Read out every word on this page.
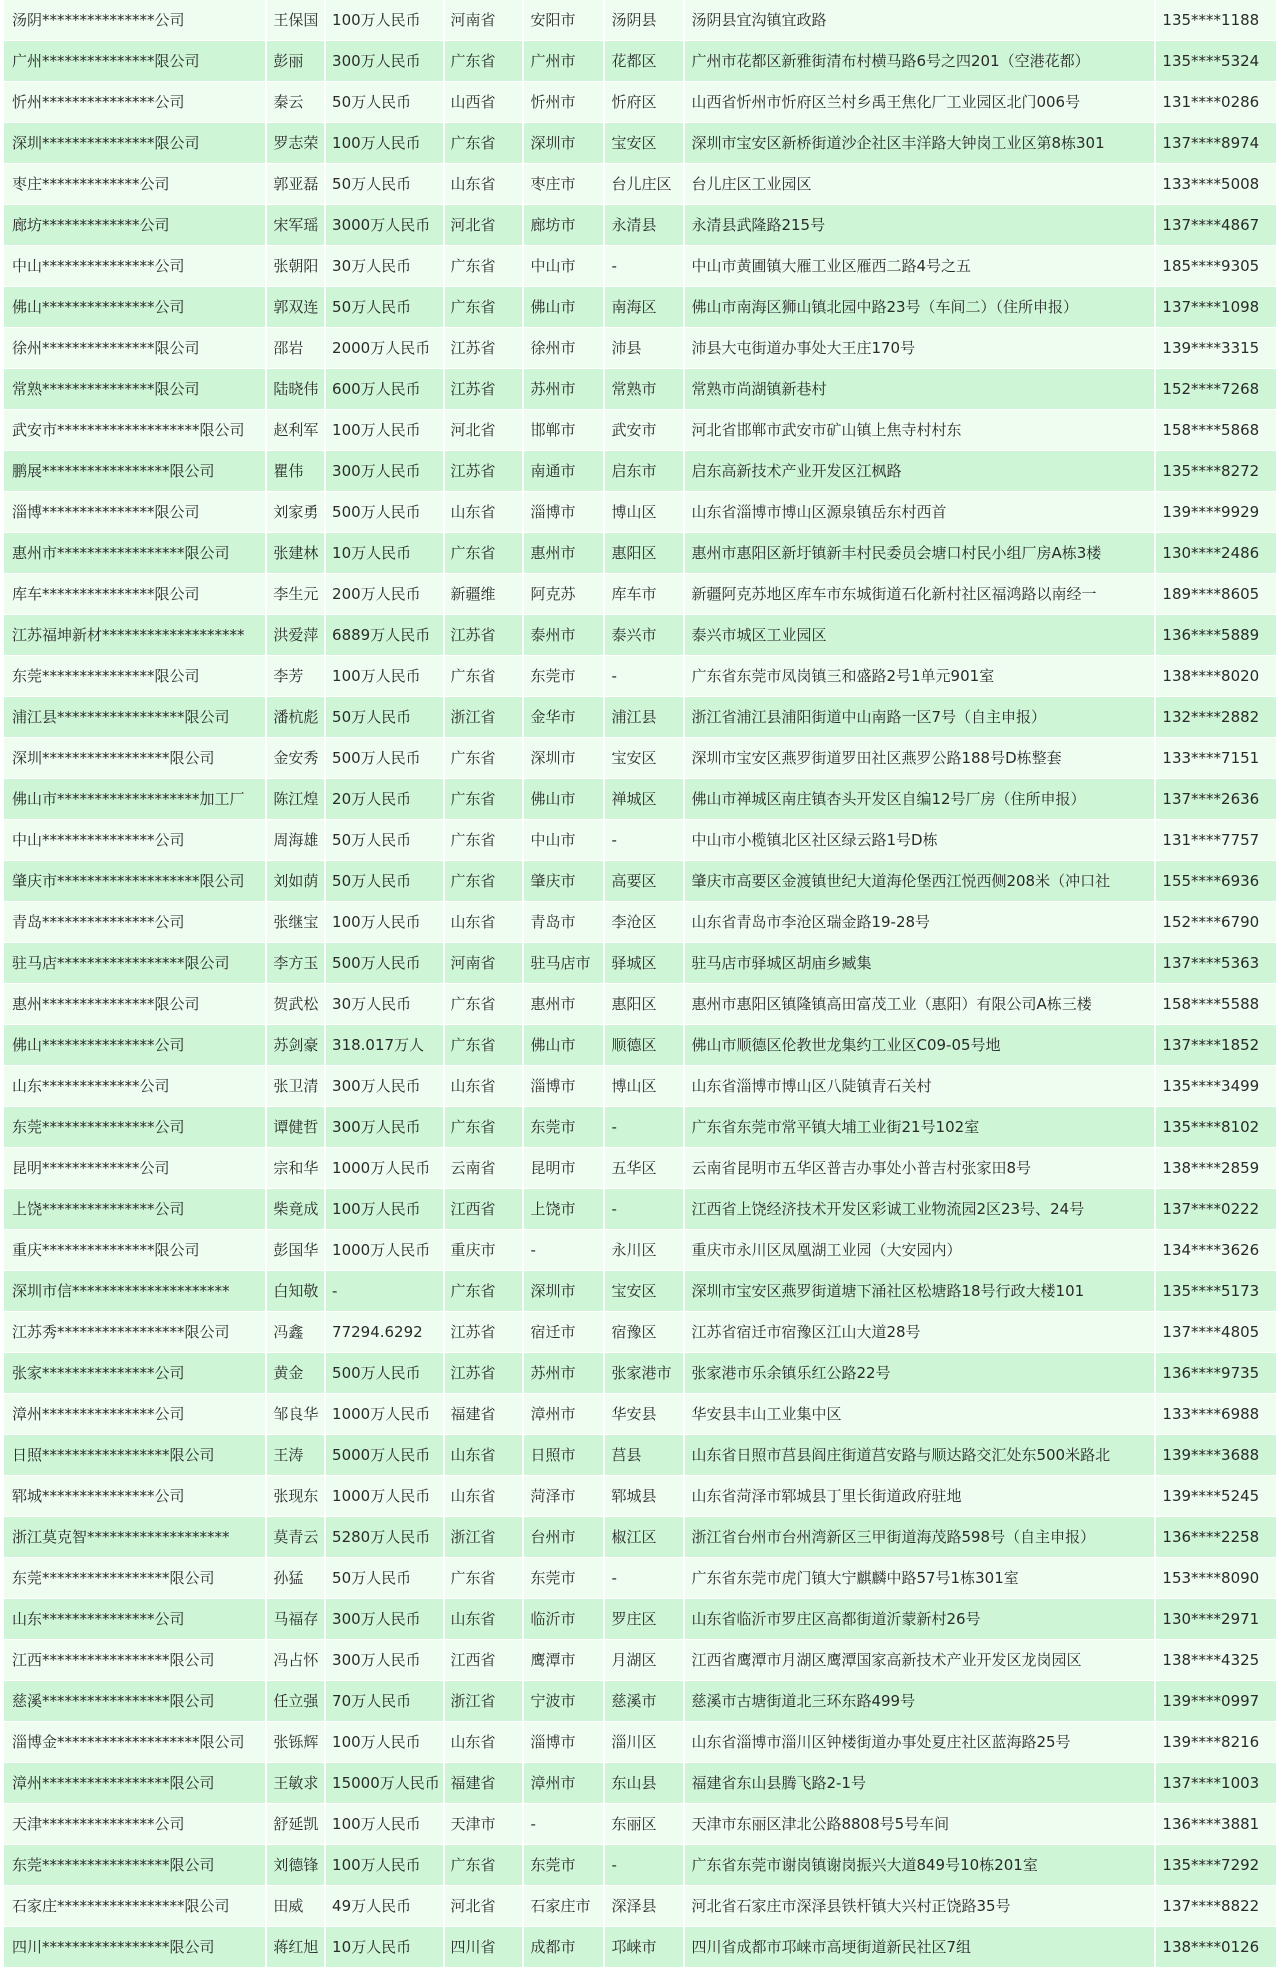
汤阴***************公司	王保国	100万人民币	河南省	安阳市	汤阴县	汤阴县宜沟镇宜政路	135****1188
广州***************限公司	彭丽	300万人民币	广东省	广州市	花都区	广州市花都区新雅街清布村横马路6号之四201（空港花都）	135****5324
忻州***************公司	秦云	50万人民币	山西省	忻州市	忻府区	山西省忻州市忻府区兰村乡禹王焦化厂工业园区北门006号	131****0286
深圳***************限公司	罗志荣	100万人民币	广东省	深圳市	宝安区	深圳市宝安区新桥街道沙企社区丰洋路大钟岗工业区第8栋301	137****8974
枣庄*************公司	郭亚磊	50万人民币	山东省	枣庄市	台儿庄区	台儿庄区工业园区	133****5008
廊坊*************公司	宋军瑶	3000万人民币	河北省	廊坊市	永清县	永清县武隆路215号	137****4867
中山***************公司	张朝阳	30万人民币	广东省	中山市	-	中山市黄圃镇大雁工业区雁西二路4号之五	185****9305
佛山***************公司	郭双连	50万人民币	广东省	佛山市	南海区	佛山市南海区狮山镇北园中路23号（车间二）（住所申报）	137****1098
徐州***************限公司	邵岩	2000万人民币	江苏省	徐州市	沛县	沛县大屯街道办事处大王庄170号	139****3315
常熟***************限公司	陆晓伟	600万人民币	江苏省	苏州市	常熟市	常熟市尚湖镇新巷村	152****7268
武安市*******************限公司	赵利军	100万人民币	河北省	邯郸市	武安市	河北省邯郸市武安市矿山镇上焦寺村村东	158****5868
鹏展*****************限公司	瞿伟	300万人民币	江苏省	南通市	启东市	启东高新技术产业开发区江枫路	135****8272
淄博***************限公司	刘家勇	500万人民币	山东省	淄博市	博山区	山东省淄博市博山区源泉镇岳东村西首	139****9929
惠州市*****************限公司	张建林	10万人民币	广东省	惠州市	惠阳区	惠州市惠阳区新圩镇新丰村民委员会塘口村民小组厂房A栋3楼	130****2486
库车***************限公司	李生元	200万人民币	新疆维	阿克苏	库车市	新疆阿克苏地区库车市东城街道石化新村社区福鸿路以南经一	189****8605
江苏福坤新材*******************	洪爱萍	6889万人民币	江苏省	泰州市	泰兴市	泰兴市城区工业园区	136****5889
东莞***************限公司	李芳	100万人民币	广东省	东莞市	-	广东省东莞市凤岗镇三和盛路2号1单元901室	138****8020
浦江县*****************限公司	潘杭彪	50万人民币	浙江省	金华市	浦江县	浙江省浦江县浦阳街道中山南路一区7号（自主申报）	132****2882
深圳*****************限公司	金安秀	500万人民币	广东省	深圳市	宝安区	深圳市宝安区燕罗街道罗田社区燕罗公路188号D栋整套	133****7151
佛山市*******************加工厂	陈江煌	20万人民币	广东省	佛山市	禅城区	佛山市禅城区南庄镇杏头开发区自编12号厂房（住所申报）	137****2636
中山***************公司	周海雄	50万人民币	广东省	中山市	-	中山市小榄镇北区社区绿云路1号D栋	131****7757
肇庆市*******************限公司	刘如荫	50万人民币	广东省	肇庆市	高要区	肇庆市高要区金渡镇世纪大道海伦堡西江悦西侧208米（冲口社	155****6936
青岛***************公司	张继宝	100万人民币	山东省	青岛市	李沧区	山东省青岛市李沧区瑞金路19-28号	152****6790
驻马店*****************限公司	李方玉	500万人民币	河南省	驻马店市	驿城区	驻马店市驿城区胡庙乡臧集	137****5363
惠州***************限公司	贺武松	30万人民币	广东省	惠州市	惠阳区	惠州市惠阳区镇隆镇高田富茂工业（惠阳）有限公司A栋三楼	158****5588
佛山***************公司	苏剑豪	318.017万人	广东省	佛山市	顺德区	佛山市顺德区伦教世龙集约工业区C09-05号地	137****1852
山东*************公司	张卫清	300万人民币	山东省	淄博市	博山区	山东省淄博市博山区八陡镇青石关村	135****3499
东莞***************公司	谭健哲	300万人民币	广东省	东莞市	-	广东省东莞市常平镇大埔工业街21号102室	135****8102
昆明*************公司	宗和华	1000万人民币	云南省	昆明市	五华区	云南省昆明市五华区普吉办事处小普吉村张家田8号	138****2859
上饶***************公司	柴竟成	100万人民币	江西省	上饶市	-	江西省上饶经济技术开发区彩诚工业物流园2区23号、24号	137****0222
重庆***************限公司	彭国华	1000万人民币	重庆市	-	永川区	重庆市永川区凤凰湖工业园（大安园内）	134****3626
深圳市信*********************	白知敬	-	广东省	深圳市	宝安区	深圳市宝安区燕罗街道塘下涌社区松塘路18号行政大楼101	135****5173
江苏秀*****************限公司	冯鑫	77294.6292	江苏省	宿迁市	宿豫区	江苏省宿迁市宿豫区江山大道28号	137****4805
张家***************公司	黄金	500万人民币	江苏省	苏州市	张家港市	张家港市乐余镇乐红公路22号	136****9735
漳州***************公司	邹良华	1000万人民币	福建省	漳州市	华安县	华安县丰山工业集中区	133****6988
日照*****************限公司	王涛	5000万人民币	山东省	日照市	莒县	山东省日照市莒县阎庄街道莒安路与顺达路交汇处东500米路北	139****3688
郓城***************公司	张现东	1000万人民币	山东省	菏泽市	郓城县	山东省菏泽市郓城县丁里长街道政府驻地	139****5245
浙江莫克智*******************	莫青云	5280万人民币	浙江省	台州市	椒江区	浙江省台州市台州湾新区三甲街道海茂路598号（自主申报）	136****2258
东莞*****************限公司	孙猛	50万人民币	广东省	东莞市	-	广东省东莞市虎门镇大宁麒麟中路57号1栋301室	153****8090
山东***************公司	马福存	300万人民币	山东省	临沂市	罗庄区	山东省临沂市罗庄区高都街道沂蒙新村26号	130****2971
江西*****************限公司	冯占怀	300万人民币	江西省	鹰潭市	月湖区	江西省鹰潭市月湖区鹰潭国家高新技术产业开发区龙岗园区	138****4325
慈溪*****************限公司	任立强	70万人民币	浙江省	宁波市	慈溪市	慈溪市古塘街道北三环东路499号	139****0997
淄博金*******************限公司	张铄辉	100万人民币	山东省	淄博市	淄川区	山东省淄博市淄川区钟楼街道办事处夏庄社区蓝海路25号	139****8216
漳州*****************限公司	王敏求	15000万人民币	福建省	漳州市	东山县	福建省东山县腾飞路2-1号	137****1003
天津***************公司	舒延凯	100万人民币	天津市	-	东丽区	天津市东丽区津北公路8808号5号车间	136****3881
东莞*****************限公司	刘德锋	100万人民币	广东省	东莞市	-	广东省东莞市谢岗镇谢岗振兴大道849号10栋201室	135****7292
石家庄*****************限公司	田威	49万人民币	河北省	石家庄市	深泽县	河北省石家庄市深泽县铁杆镇大兴村正饶路35号	137****8822
四川*****************限公司	蒋红旭	10万人民币	四川省	成都市	邛崃市	四川省成都市邛崃市高埂街道新民社区7组	138****0126
